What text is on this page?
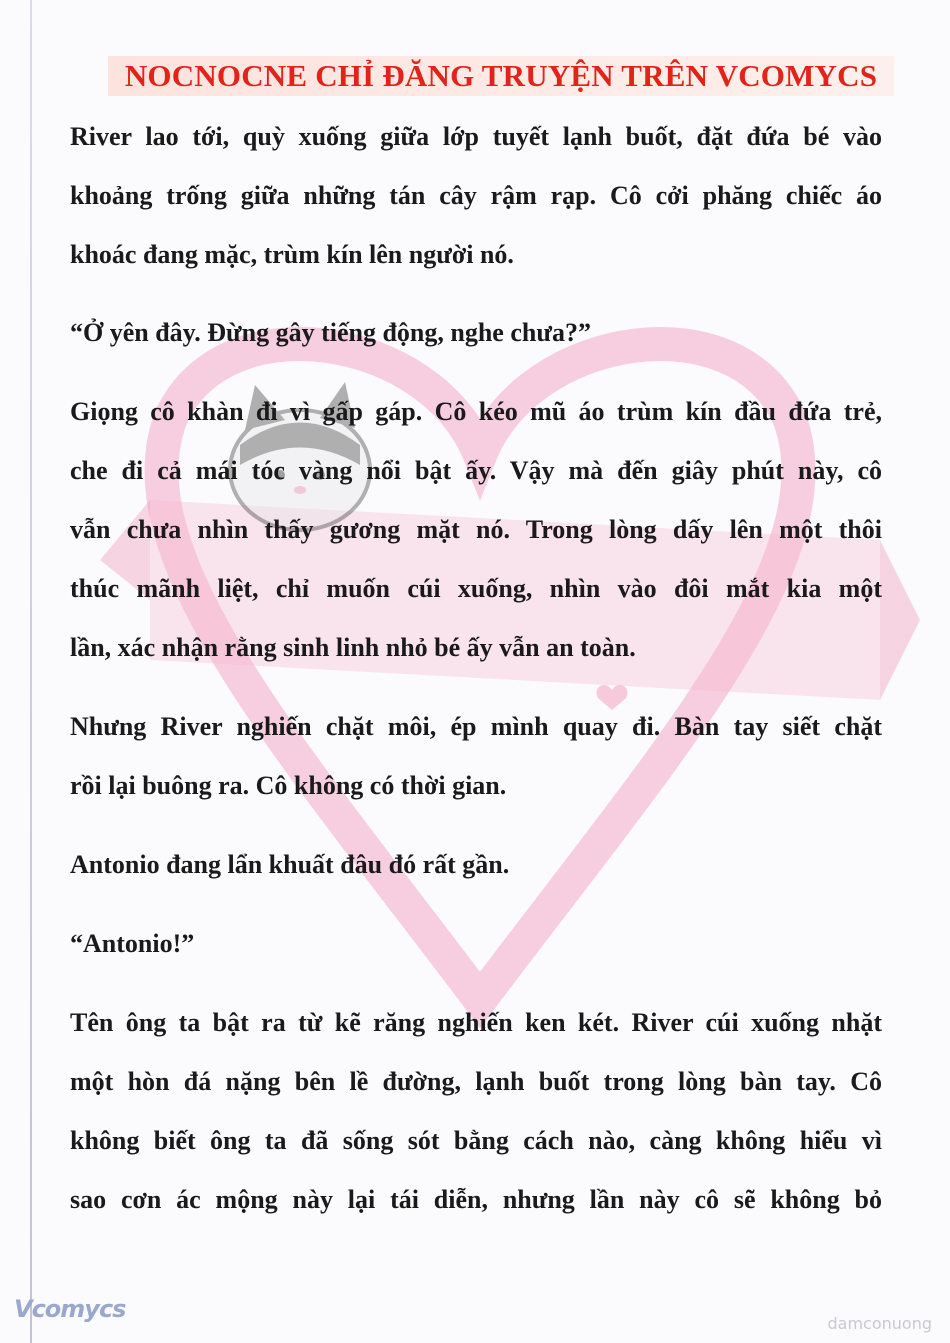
NOCNOCNE CHỈ ĐĂNG TRUYỆN TRÊN VCOMYCS
River lao tới, quỳ xuống giữa lớp tuyết lạnh buốt, đặt đứa bé vào
khoảng trống giữa những tán cây rậm rạp. Cô cởi phăng chiếc áo
khoác đang mặc, trùm kín lên người nó.
“Ở yên đây. Đừng gây tiếng động, nghe chưa?”
Giọng cô khàn đi vì gấp gáp. Cô kéo mũ áo trùm kín đầu đứa trẻ,
che đi cả mái tóc vàng nổi bật ấy. Vậy mà đến giây phút này, cô
vẫn chưa nhìn thấy gương mặt nó. Trong lòng dấy lên một thôi
thúc mãnh liệt, chỉ muốn cúi xuống, nhìn vào đôi mắt kia một
lần, xác nhận rằng sinh linh nhỏ bé ấy vẫn an toàn.
Nhưng River nghiến chặt môi, ép mình quay đi. Bàn tay siết chặt
rồi lại buông ra. Cô không có thời gian.
Antonio đang lẩn khuất đâu đó rất gần.
“Antonio!”
Tên ông ta bật ra từ kẽ răng nghiến ken két. River cúi xuống nhặt
một hòn đá nặng bên lề đường, lạnh buốt trong lòng bàn tay. Cô
không biết ông ta đã sống sót bằng cách nào, càng không hiểu vì
sao cơn ác mộng này lại tái diễn, nhưng lần này cô sẽ không bỏ
Vcomycs
damconuong
